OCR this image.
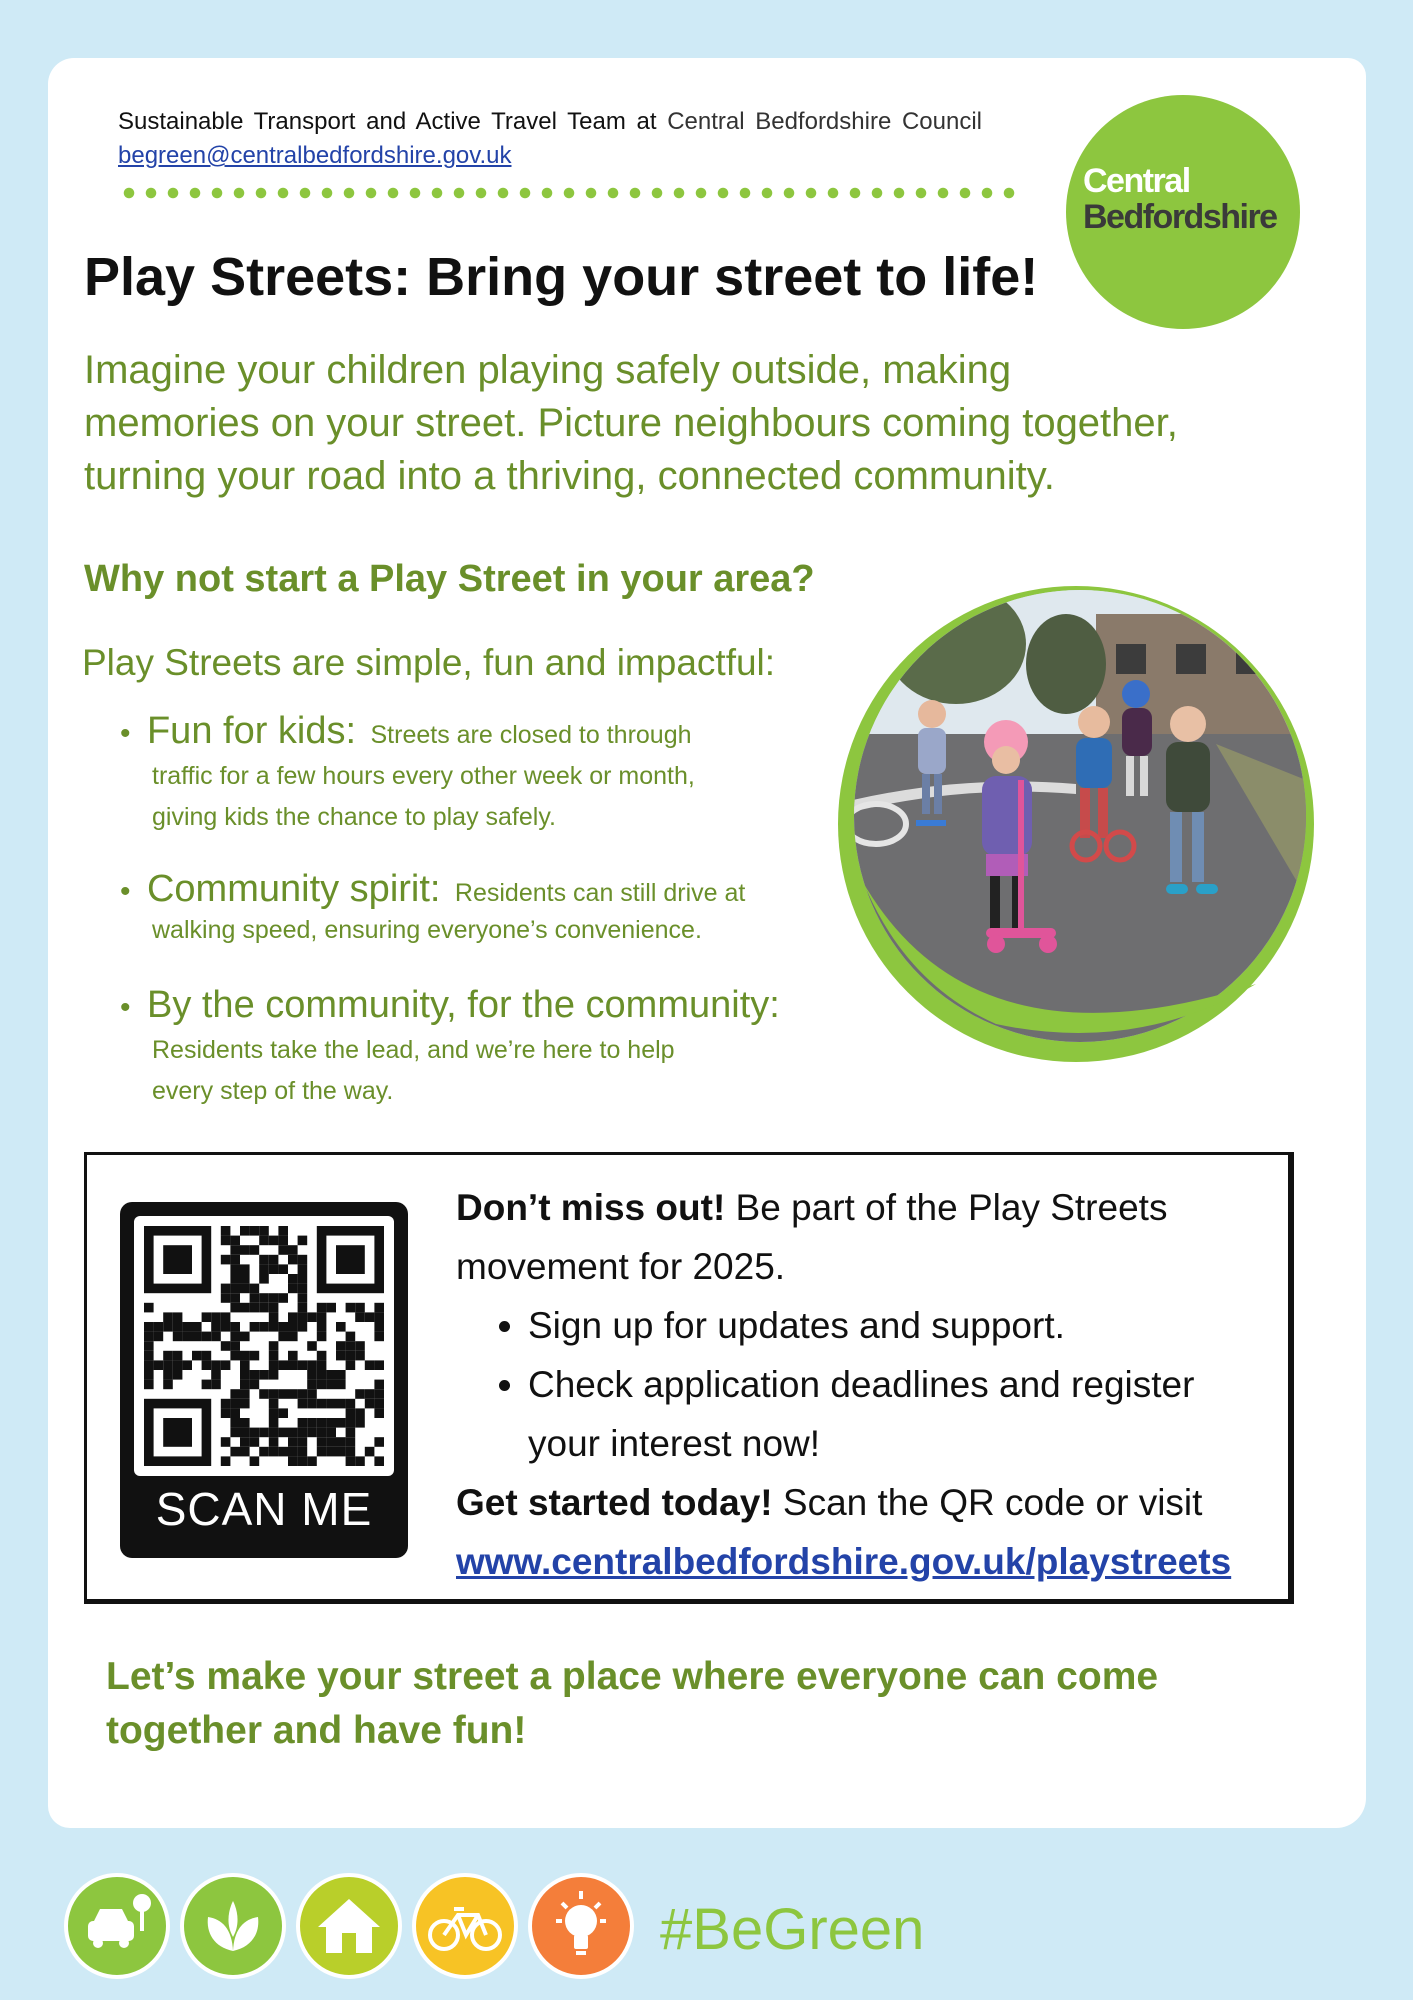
Sustainable Transport and Active Travel Team at Central Bedfordshire Council
begreen@centralbedfordshire.gov.uk
Central
Bedfordshire
Play Streets: Bring your street to life!
Imagine your children playing safely outside, making
memories on your street. Picture neighbours coming together,
turning your road into a thriving, connected community.
Why not start a Play Street in your area?
Play Streets are simple, fun and impactful:
• Fun for kids: Streets are closed to through
traffic for a few hours every other week or month,
giving kids the chance to play safely.
• Community spirit: Residents can still drive at
walking speed, ensuring everyone’s convenience.
• By the community, for the community:
Residents take the lead, and we’re here to help
every step of the way.
SCAN ME
Don’t miss out! Be part of the Play Streets movement for 2025.
• Sign up for updates and support.
• Check application deadlines and register your interest now!
Get started today! Scan the QR code or visit
www.centralbedfordshire.gov.uk/playstreets
Let’s make your street a place where everyone can come together and have fun!
#BeGreen
